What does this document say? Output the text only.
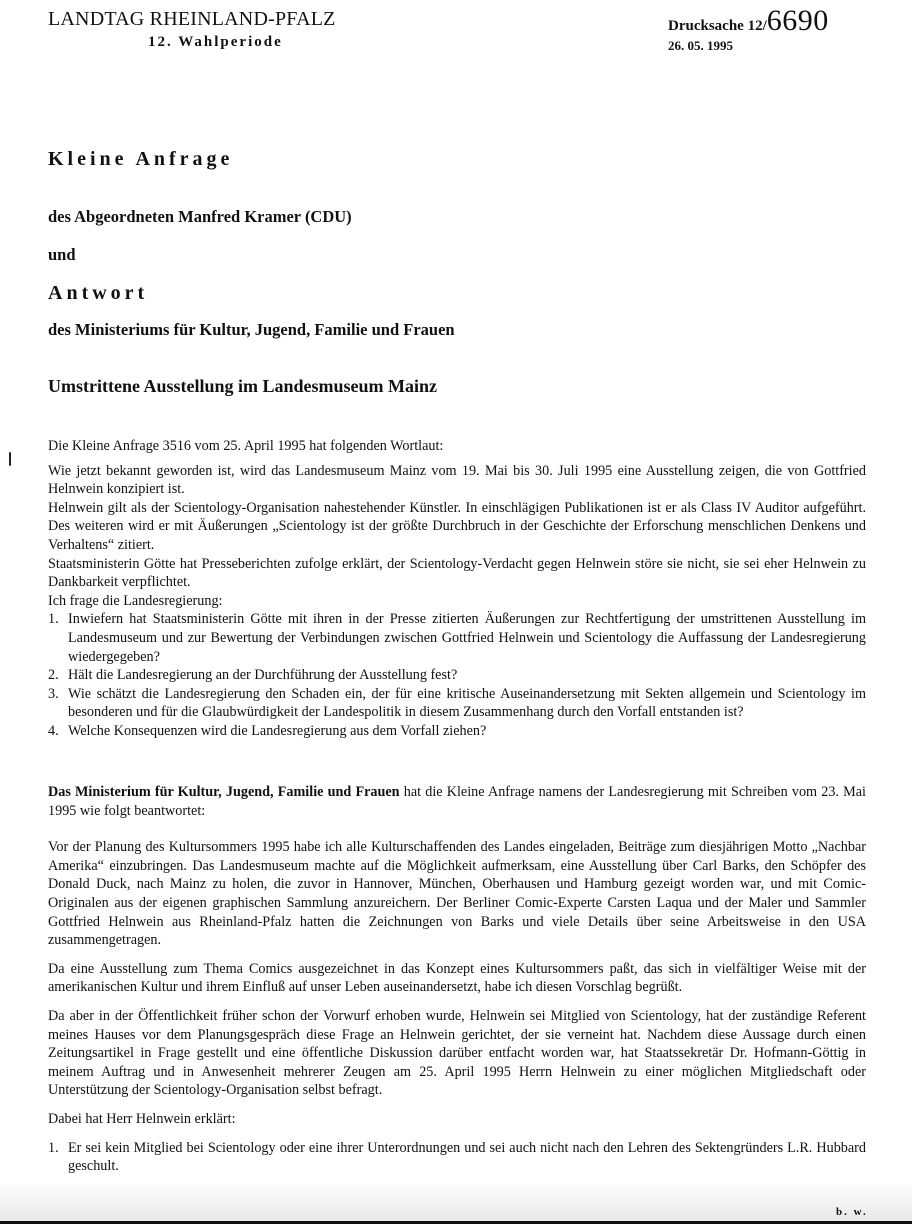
LANDTAG RHEINLAND-PFALZ
12. Wahlperiode
Drucksache 12/6690
26. 05. 1995
Kleine Anfrage
des Abgeordneten Manfred Kramer (CDU)
und
Antwort
des Ministeriums für Kultur, Jugend, Familie und Frauen
Umstrittene Ausstellung im Landesmuseum Mainz

Die Kleine Anfrage 3516 vom 25. April 1995 hat folgenden Wortlaut:

Wie jetzt bekannt geworden ist, wird das Landesmuseum Mainz vom 19. Mai bis 30. Juli 1995 eine Ausstellung zeigen, die von Gottfried Helnwein konzipiert ist.

Helnwein gilt als der Scientology-Organisation nahestehender Künstler. In einschlägigen Publikationen ist er als Class IV Auditor aufgeführt. Des weiteren wird er mit Äußerungen „Scientology ist der größte Durchbruch in der Geschichte der Erforschung menschlichen Denkens und Verhaltens“ zitiert.

Staatsministerin Götte hat Presseberichten zufolge erklärt, der Scientology-Verdacht gegen Helnwein störe sie nicht, sie sei eher Helnwein zu Dankbarkeit verpflichtet.

Ich frage die Landesregierung:

1. Inwiefern hat Staatsministerin Götte mit ihren in der Presse zitierten Äußerungen zur Rechtfertigung der umstrittenen Ausstellung im Landesmuseum und zur Bewertung der Verbindungen zwischen Gottfried Helnwein und Scientology die Auffassung der Landesregierung wiedergegeben?
2. Hält die Landesregierung an der Durchführung der Ausstellung fest?
3. Wie schätzt die Landesregierung den Schaden ein, der für eine kritische Auseinandersetzung mit Sekten allgemein und Scientology im besonderen und für die Glaubwürdigkeit der Landespolitik in diesem Zusammenhang durch den Vorfall entstanden ist?
4. Welche Konsequenzen wird die Landesregierung aus dem Vorfall ziehen?

Das Ministerium für Kultur, Jugend, Familie und Frauen hat die Kleine Anfrage namens der Landesregierung mit Schreiben vom 23. Mai 1995 wie folgt beantwortet:

Vor der Planung des Kultursommers 1995 habe ich alle Kulturschaffenden des Landes eingeladen, Beiträge zum diesjährigen Motto „Nachbar Amerika“ einzubringen. Das Landesmuseum machte auf die Möglichkeit aufmerksam, eine Ausstellung über Carl Barks, den Schöpfer des Donald Duck, nach Mainz zu holen, die zuvor in Hannover, München, Oberhausen und Hamburg gezeigt worden war, und mit Comic-Originalen aus der eigenen graphischen Sammlung anzureichern. Der Berliner Comic-Experte Carsten Laqua und der Maler und Sammler Gottfried Helnwein aus Rheinland-Pfalz hatten die Zeichnungen von Barks und viele Details über seine Arbeitsweise in den USA zusammengetragen.

Da eine Ausstellung zum Thema Comics ausgezeichnet in das Konzept eines Kultursommers paßt, das sich in vielfältiger Weise mit der amerikanischen Kultur und ihrem Einfluß auf unser Leben auseinandersetzt, habe ich diesen Vorschlag begrüßt.

Da aber in der Öffentlichkeit früher schon der Vorwurf erhoben wurde, Helnwein sei Mitglied von Scientology, hat der zuständige Referent meines Hauses vor dem Planungsgespräch diese Frage an Helnwein gerichtet, der sie verneint hat. Nachdem diese Aussage durch einen Zeitungsartikel in Frage gestellt und eine öffentliche Diskussion darüber entfacht worden war, hat Staatssekretär Dr. Hofmann-Göttig in meinem Auftrag und in Anwesenheit mehrerer Zeugen am 25. April 1995 Herrn Helnwein zu einer möglichen Mitgliedschaft oder Unterstützung der Scientology-Organisation selbst befragt.

Dabei hat Herr Helnwein erklärt:

1. Er sei kein Mitglied bei Scientology oder eine ihrer Unterordnungen und sei auch nicht nach den Lehren des Sektengründers L.R. Hubbard geschult.
b. w.
